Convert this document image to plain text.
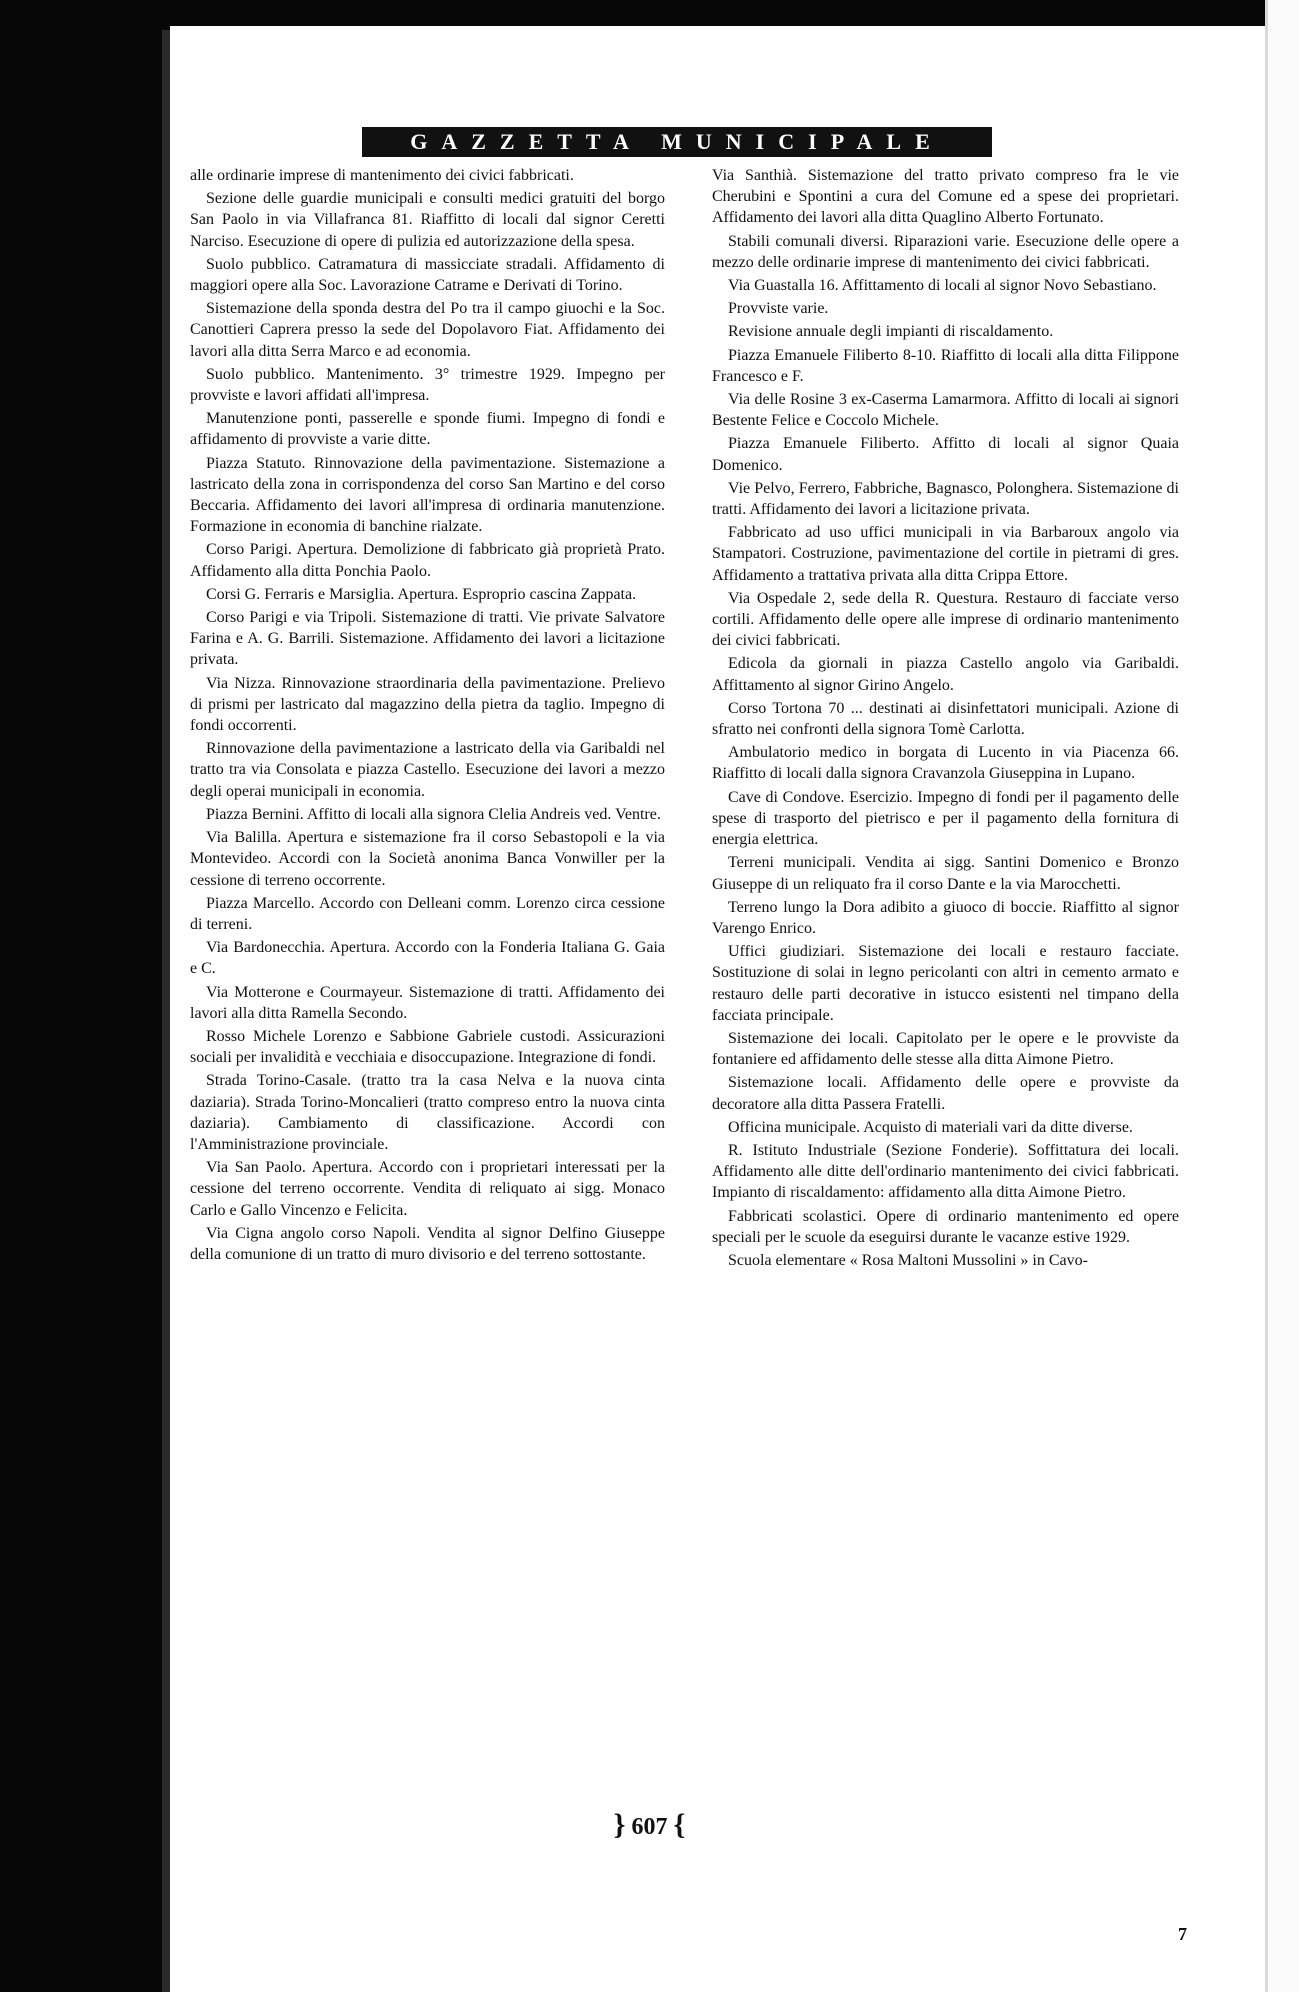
GAZZETTA MUNICIPALE

alle ordinarie imprese di mantenimento dei civici fabbricati.

Sezione delle guardie municipali e consulti medici gratuiti del borgo San Paolo in via Villafranca 81. Riaffitto di locali dal signor Ceretti Narciso. Esecuzione di opere di pulizia ed autorizzazione della spesa.

Suolo pubblico. Catramatura di massicciate stradali. Affidamento di maggiori opere alla Soc. Lavorazione Catrame e Derivati di Torino.

Sistemazione della sponda destra del Po tra il campo giuochi e la Soc. Canottieri Caprera presso la sede del Dopolavoro Fiat. Affidamento dei lavori alla ditta Serra Marco e ad economia.

Suolo pubblico. Mantenimento. 3° trimestre 1929. Impegno per provviste e lavori affidati all'impresa.

Manutenzione ponti, passerelle e sponde fiumi. Impegno di fondi e affidamento di provviste a varie ditte.

Piazza Statuto. Rinnovazione della pavimentazione. Sistemazione a lastricato della zona in corrispondenza del corso San Martino e del corso Beccaria. Affidamento dei lavori all'impresa di ordinaria manutenzione. Formazione in economia di banchine rialzate.

Corso Parigi. Apertura. Demolizione di fabbricato già proprietà Prato. Affidamento alla ditta Ponchia Paolo.

Corsi G. Ferraris e Marsiglia. Apertura. Esproprio cascina Zappata.

Corso Parigi e via Tripoli. Sistemazione di tratti. Vie private Salvatore Farina e A. G. Barrili. Sistemazione. Affidamento dei lavori a licitazione privata.

Via Nizza. Rinnovazione straordinaria della pavimentazione. Prelievo di prismi per lastricato dal magazzino della pietra da taglio. Impegno di fondi occorrenti.

Rinnovazione della pavimentazione a lastricato della via Garibaldi nel tratto tra via Consolata e piazza Castello. Esecuzione dei lavori a mezzo degli operai municipali in economia.

Piazza Bernini. Affitto di locali alla signora Clelia Andreis ved. Ventre.

Via Balilla. Apertura e sistemazione fra il corso Sebastopoli e la via Montevideo. Accordi con la Società anonima Banca Vonwiller per la cessione di terreno occorrente.

Piazza Marcello. Accordo con Delleani comm. Lorenzo circa cessione di terreni.

Via Bardonecchia. Apertura. Accordo con la Fonderia Italiana G. Gaia e C.

Via Motterone e Courmayeur. Sistemazione di tratti. Affidamento dei lavori alla ditta Ramella Secondo.

Rosso Michele Lorenzo e Sabbione Gabriele custodi. Assicurazioni sociali per invalidità e vecchiaia e disoccupazione. Integrazione di fondi.

Strada Torino-Casale. (tratto tra la casa Nelva e la nuova cinta daziaria). Strada Torino-Moncalieri (tratto compreso entro la nuova cinta daziaria). Cambiamento di classificazione. Accordi con l'Amministrazione provinciale.

Via San Paolo. Apertura. Accordo con i proprietari interessati per la cessione del terreno occorrente. Vendita di reliquato ai sigg. Monaco Carlo e Gallo Vincenzo e Felicita.

Via Cigna angolo corso Napoli. Vendita al signor Delfino Giuseppe della comunione di un tratto di muro divisorio e del terreno sottostante.

Via Santhià. Sistemazione del tratto privato compreso fra le vie Cherubini e Spontini a cura del Comune ed a spese dei proprietari. Affidamento dei lavori alla ditta Quaglino Alberto Fortunato.

Stabili comunali diversi. Riparazioni varie. Esecuzione delle opere a mezzo delle ordinarie imprese di mantenimento dei civici fabbricati.

Via Guastalla 16. Affittamento di locali al signor Novo Sebastiano.

Provviste varie.

Revisione annuale degli impianti di riscaldamento.

Piazza Emanuele Filiberto 8-10. Riaffitto di locali alla ditta Filippone Francesco e F.

Via delle Rosine 3 ex-Caserma Lamarmora. Affitto di locali ai signori Bestente Felice e Coccolo Michele.

Piazza Emanuele Filiberto. Affitto di locali al signor Quaia Domenico.

Vie Pelvo, Ferrero, Fabbriche, Bagnasco, Polonghera. Sistemazione di tratti. Affidamento dei lavori a licitazione privata.

Fabbricato ad uso uffici municipali in via Barbaroux angolo via Stampatori. Costruzione, pavimentazione del cortile in pietrami di gres. Affidamento a trattativa privata alla ditta Crippa Ettore.

Via Ospedale 2, sede della R. Questura. Restauro di facciate verso cortili. Affidamento delle opere alle imprese di ordinario mantenimento dei civici fabbricati.

Edicola da giornali in piazza Castello angolo via Garibaldi. Affittamento al signor Girino Angelo.

Corso Tortona 70 ... destinati ai disinfettatori municipali. Azione di sfratto nei confronti della signora Tomè Carlotta.

Ambulatorio medico in borgata di Lucento in via Piacenza 66. Riaffitto di locali dalla signora Cravanzola Giuseppina in Lupano.

Cave di Condove. Esercizio. Impegno di fondi per il pagamento delle spese di trasporto del pietrisco e per il pagamento della fornitura di energia elettrica.

Terreni municipali. Vendita ai sigg. Santini Domenico e Bronzo Giuseppe di un reliquato fra il corso Dante e la via Marocchetti.

Terreno lungo la Dora adibito a giuoco di boccie. Riaffitto al signor Varengo Enrico.

Uffici giudiziari. Sistemazione dei locali e restauro facciate. Sostituzione di solai in legno pericolanti con altri in cemento armato e restauro delle parti decorative in istucco esistenti nel timpano della facciata principale.

Sistemazione dei locali. Capitolato per le opere e le provviste da fontaniere ed affidamento delle stesse alla ditta Aimone Pietro.

Sistemazione locali. Affidamento delle opere e provviste da decoratore alla ditta Passera Fratelli.

Officina municipale. Acquisto di materiali vari da ditte diverse.

R. Istituto Industriale (Sezione Fonderie). Soffittatura dei locali. Affidamento alle ditte dell'ordinario mantenimento dei civici fabbricati. Impianto di riscaldamento: affidamento alla ditta Aimone Pietro.

Fabbricati scolastici. Opere di ordinario mantenimento ed opere speciali per le scuole da eseguirsi durante le vacanze estive 1929.

Scuola elementare « Rosa Maltoni Mussolini » in Cavo-

} 607 {
7
